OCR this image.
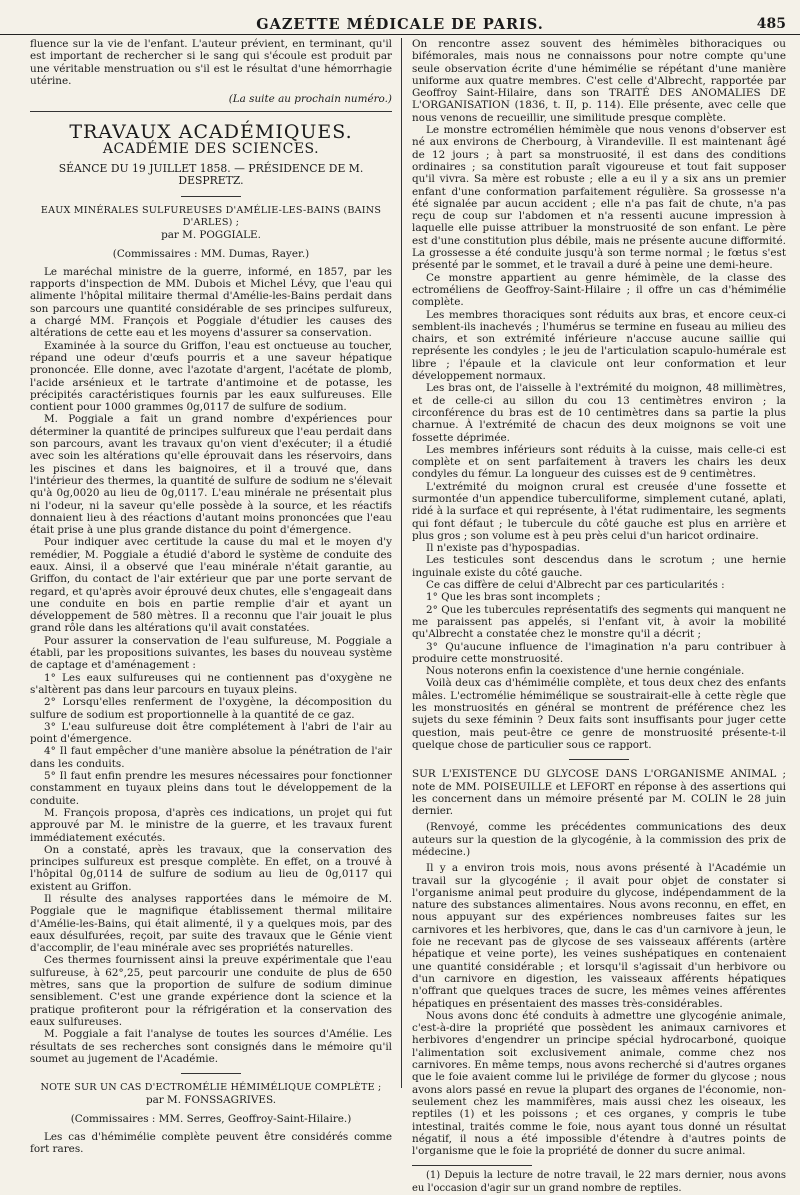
GAZETTE MÉDICALE DE PARIS.	485

fluence sur la vie de l'enfant. L'auteur prévient, en terminant, qu'il est important de rechercher si le sang qui s'écoule est produit par une véritable menstruation ou s'il est le résultat d'une hémorrhagie utérine.

(La suite au prochain numéro.)

TRAVAUX ACADÉMIQUES.
ACADÉMIE DES SCIENCES.

SÉANCE DU 19 JUILLET 1858. — PRÉSIDENCE DE M. DESPRETZ.

EAUX MINÉRALES SULFUREUSES D'AMÉLIE-LES-BAINS (BAINS D'ARLES) ;

par M. POGGIALE.

(Commissaires : MM. Dumas, Rayer.)

Le maréchal ministre de la guerre, informé, en 1857, par les rapports d'inspection de MM. Dubois et Michel Lévy, que l'eau qui alimente l'hôpital militaire thermal d'Amélie-les-Bains perdait dans son parcours une quantité considérable de ses principes sulfureux, a chargé MM. François et Poggiale d'étudier les causes des altérations de cette eau et les moyens d'assurer sa conservation.

Examinée à la source du Griffon, l'eau est onctueuse au toucher, répand une odeur d'œufs pourris et a une saveur hépatique prononcée. Elle donne, avec l'azotate d'argent, l'acétate de plomb, l'acide arsénieux et le tartrate d'antimoine et de potasse, les précipités caractéristiques fournis par les eaux sulfureuses. Elle contient pour 1000 grammes 0g,0117 de sulfure de sodium.

M. Poggiale a fait un grand nombre d'expériences pour déterminer la quantité de principes sulfureux que l'eau perdait dans son parcours, avant les travaux qu'on vient d'exécuter; il a étudié avec soin les altérations qu'elle éprouvait dans les réservoirs, dans les piscines et dans les baignoires, et il a trouvé que, dans l'intérieur des thermes, la quantité de sulfure de sodium ne s'élevait qu'à 0g,0020 au lieu de 0g,0117. L'eau minérale ne présentait plus ni l'odeur, ni la saveur qu'elle possède à la source, et les réactifs donnaient lieu à des réactions d'autant moins prononcées que l'eau était prise à une plus grande distance du point d'émergence.

Pour indiquer avec certitude la cause du mal et le moyen d'y remédier, M. Poggiale a étudié d'abord le système de conduite des eaux. Ainsi, il a observé que l'eau minérale n'était garantie, au Griffon, du contact de l'air extérieur que par une porte servant de regard, et qu'après avoir éprouvé deux chutes, elle s'engageait dans une conduite en bois en partie remplie d'air et ayant un développement de 580 mètres. Il a reconnu que l'air jouait le plus grand rôle dans les altérations qu'il avait constatées.

Pour assurer la conservation de l'eau sulfureuse, M. Poggiale a établi, par les propositions suivantes, les bases du nouveau système de captage et d'aménagement :

1° Les eaux sulfureuses qui ne contiennent pas d'oxygène ne s'altèrent pas dans leur parcours en tuyaux pleins.

2° Lorsqu'elles renferment de l'oxygène, la décomposition du sulfure de sodium est proportionnelle à la quantité de ce gaz.

3° L'eau sulfureuse doit être complétement à l'abri de l'air au point d'émergence.

4° Il faut empêcher d'une manière absolue la pénétration de l'air dans les conduits.

5° Il faut enfin prendre les mesures nécessaires pour fonctionner constamment en tuyaux pleins dans tout le développement de la conduite.

M. François proposa, d'après ces indications, un projet qui fut approuvé par M. le ministre de la guerre, et les travaux furent immédiatement exécutés.

On a constaté, après les travaux, que la conservation des principes sulfureux est presque complète. En effet, on a trouvé à l'hôpital 0g,0114 de sulfure de sodium au lieu de 0g,0117 qui existent au Griffon.

Il résulte des analyses rapportées dans le mémoire de M. Poggiale que le magnifique établissement thermal militaire d'Amélie-les-Bains, qui était alimenté, il y a quelques mois, par des eaux désulfurées, reçoit, par suite des travaux que le Génie vient d'accomplir, de l'eau minérale avec ses propriétés naturelles.

Ces thermes fournissent ainsi la preuve expérimentale que l'eau sulfureuse, à 62°,25, peut parcourir une conduite de plus de 650 mètres, sans que la proportion de sulfure de sodium diminue sensiblement. C'est une grande expérience dont la science et la pratique profiteront pour la réfrigération et la conservation des eaux sulfureuses.

M. Poggiale a fait l'analyse de toutes les sources d'Amélie. Les résultats de ses recherches sont consignés dans le mémoire qu'il soumet au jugement de l'Académie.

NOTE SUR UN CAS D'ECTROMÉLIE HÉMIMÉLIQUE COMPLÈTE ;

par M. FONSSAGRIVES.

(Commissaires : MM. Serres, Geoffroy-Saint-Hilaire.)

Les cas d'hémimélie complète peuvent être considérés comme fort rares.

On rencontre assez souvent des hémimèles bithoraciques ou bifémorales, mais nous ne connaissons pour notre compte qu'une seule observation écrite d'une hémimélie se répétant d'une manière uniforme aux quatre membres. C'est celle d'Albrecht, rapportée par Geoffroy Saint-Hilaire, dans son TRAITÉ DES ANOMALIES DE L'ORGANISATION (1836, t. II, p. 114). Elle présente, avec celle que nous venons de recueillir, une similitude presque complète.

Le monstre ectromélien hémimèle que nous venons d'observer est né aux environs de Cherbourg, à Virandeville. Il est maintenant âgé de 12 jours ; à part sa monstruosité, il est dans des conditions ordinaires ; sa constitution paraît vigoureuse et tout fait supposer qu'il vivra. Sa mère est robuste ; elle a eu il y a six ans un premier enfant d'une conformation parfaitement régulière. Sa grossesse n'a été signalée par aucun accident ; elle n'a pas fait de chute, n'a pas reçu de coup sur l'abdomen et n'a ressenti aucune impression à laquelle elle puisse attribuer la monstruosité de son enfant. Le père est d'une constitution plus débile, mais ne présente aucune difformité. La grossesse a été conduite jusqu'à son terme normal ; le fœtus s'est présenté par le sommet, et le travail a duré à peine une demi-heure.

Ce monstre appartient au genre hémimèle, de la classe des ectroméliens de Geoffroy-Saint-Hilaire ; il offre un cas d'hémimélie complète.

Les membres thoraciques sont réduits aux bras, et encore ceux-ci semblent-ils inachevés ; l'humérus se termine en fuseau au milieu des chairs, et son extrémité inférieure n'accuse aucune saillie qui représente les condyles ; le jeu de l'articulation scapulo-humérale est libre ; l'épaule et la clavicule ont leur conformation et leur développement normaux.

Les bras ont, de l'aisselle à l'extrémité du moignon, 48 millimètres, et de celle-ci au sillon du cou 13 centimètres environ ; la circonférence du bras est de 10 centimètres dans sa partie la plus charnue. À l'extrémité de chacun des deux moignons se voit une fossette déprimée.

Les membres inférieurs sont réduits à la cuisse, mais celle-ci est complète et on sent parfaitement à travers les chairs les deux condyles du fémur. La longueur des cuisses est de 9 centimètres.

L'extrémité du moignon crural est creusée d'une fossette et surmontée d'un appendice tuberculiforme, simplement cutané, aplati, ridé à la surface et qui représente, à l'état rudimentaire, les segments qui font défaut ; le tubercule du côté gauche est plus en arrière et plus gros ; son volume est à peu près celui d'un haricot ordinaire.

Il n'existe pas d'hypospadias.

Les testicules sont descendus dans le scrotum ; une hernie inguinale existe du côté gauche.

Ce cas diffère de celui d'Albrecht par ces particularités :

1° Que les bras sont incomplets ;

2° Que les tubercules représentatifs des segments qui manquent ne me paraissent pas appelés, si l'enfant vit, à avoir la mobilité qu'Albrecht a constatée chez le monstre qu'il a décrit ;

3° Qu'aucune influence de l'imagination n'a paru contribuer à produire cette monstruosité.

Nous noterons enfin la coexistence d'une hernie congéniale.

Voilà deux cas d'hémimélie complète, et tous deux chez des enfants mâles. L'ectromélie hémimélique se soustrairait-elle à cette règle que les monstruosités en général se montrent de préférence chez les sujets du sexe féminin ? Deux faits sont insuffisants pour juger cette question, mais peut-être ce genre de monstruosité présente-t-il quelque chose de particulier sous ce rapport.

SUR L'EXISTENCE DU GLYCOSE DANS L'ORGANISME ANIMAL ; note de MM. POISEUILLE et LEFORT en réponse à des assertions qui les concernent dans un mémoire présenté par M. COLIN le 28 juin dernier.

(Renvoyé, comme les précédentes communications des deux auteurs sur la question de la glycogénie, à la commission des prix de médecine.)

Il y a environ trois mois, nous avons présenté à l'Académie un travail sur la glycogénie ; il avait pour objet de constater si l'organisme animal peut produire du glycose, indépendamment de la nature des substances alimentaires. Nous avons reconnu, en effet, en nous appuyant sur des expériences nombreuses faites sur les carnivores et les herbivores, que, dans le cas d'un carnivore à jeun, le foie ne recevant pas de glycose de ses vaisseaux afférents (artère hépatique et veine porte), les veines sushépatiques en contenaient une quantité considérable ; et lorsqu'il s'agissait d'un herbivore ou d'un carnivore en digestion, les vaisseaux afférents hépatiques n'offrant que quelques traces de sucre, les mêmes veines afférentes hépatiques en présentaient des masses très-considérables.

Nous avons donc été conduits à admettre une glycogénie animale, c'est-à-dire la propriété que possèdent les animaux carnivores et herbivores d'engendrer un principe spécial hydrocarboné, quoique l'alimentation soit exclusivement animale, comme chez nos carnivores. En même temps, nous avons recherché si d'autres organes que le foie avaient comme lui le privilége de former du glycose ; nous avons alors passé en revue la plupart des organes de l'économie, non-seulement chez les mammifères, mais aussi chez les oiseaux, les reptiles (1) et les poissons ; et ces organes, y compris le tube intestinal, traités comme le foie, nous ayant tous donné un résultat négatif, il nous a été impossible d'étendre à d'autres points de l'organisme que le foie la propriété de donner du sucre animal.

(1) Depuis la lecture de notre travail, le 22 mars dernier, nous avons eu l'occasion d'agir sur un grand nombre de reptiles.
